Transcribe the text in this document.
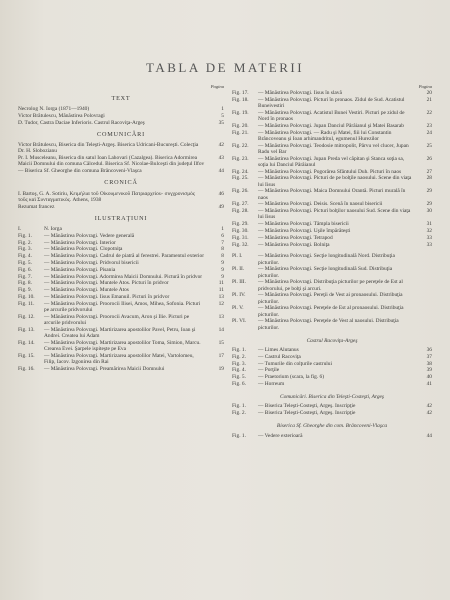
TABLA DE MATERII
Pagina
TEXT
Necrolog N. Iorga (1871—1940)	1
Victor Brătulescu, Mănăstirea Polovragi	5
D. Tudor, Castra Daciae Inferioris. Castrul Racoviţa-Argeş	35
COMUNICĂRI
Victor Brătulescu, Biserica din Teleşti-Argeş. Biserica Udricani-Bucureşti. Colecţia Dr. H. Slobozianu
42
Pr. I. Musceleanu, Biserica din satul Ioan Lahovari (Cazalgea). Biserica Adormirea Maicii Domnului din comuna Câlcedul. Biserica Sf. Nicolae-Bulceşti din judeţul Ilfov
43
— Biserica Sf. Gheorghe din comuna Brâncoveni-Vlaşca	44
CRONICĂ
I. Bartoş, G. A. Sotiriu, Κειμήλια τοῦ Οἰκουμενικοῦ Πατριαρχείου· συγχρονισμὸς τοῦς καὶ Συνταγματικὸς. Athens, 1938
46
Rezumat francez	49
ILUSTRAŢIUNI
I.	N. Iorga	1
Fig. 1.	— Mănăstirea Polovragi. Vedere generală	6
Fig. 2.	— Mănăstirea Polovragi. Interior	7
Fig. 3.	— Mănăstirea Polovragi. Clopotniţa	8
Fig. 4.	— Mănăstirea Polovragi. Cadrul de piatră al ferestrei. Paramentul exterior	8
Fig. 5.	— Mănăstirea Polovragi. Pridvorul bisericii	9
Fig. 6.	— Mănăstirea Polovragi. Pisania	9
Fig. 7.	— Mănăstirea Polovragi. Adormirea Maicii Domnului. Pictură în pridvor	9
Fig. 8.	— Mănăstirea Polovragi. Muntele Atos. Picturi în pridvor	11
Fig. 9.	— Mănăstirea Polovragi. Muntele Atos	11
Fig. 10.	— Mănăstirea Polovragi. Iisus Emanuil. Picturi în pridvor	13
Fig. 11.	— Mănăstirea Polovragi. Proorocii Ilisei, Amos, Mihea, Sofonia. Picturi pe arcurile pridvorului
12
Fig. 12.	— Mănăstirea Polovragi. Proorocii Avacum, Aron şi Ilie. Picturi pe arcurile pridvorului
13
Fig. 13.	— Mănăstirea Polovragi. Martirizarea apostolilor Pavel, Petru, Ioan şi Andrei. Createa lui Adam
14
Fig. 14.	— Mănăstirea Polovragi. Martirizarea apostolilor Toma, Simion, Marcu. Crearea Evei. Şarpele ispiteşte pe Eva
15
Fig. 15.	— Mănăstirea Polovragi. Martirizarea apostolilor Matei, Vartolomeu, Filip, Iacov. Izgonirea din Rai
17
Fig. 16.	— Mănăstirea Polovragi. Preamărirea Maicii Domnului	19
Pagina
Fig. 17.	— Mănăstirea Polovragi. Iisus în slavă	20
Fig. 18.	— Mănăstirea Polovragi. Picturi în pronaos. Zidul de Sud. Acatistul Buneivestiri
21
Fig. 19.	— Mănăstirea Polovragi. Acatistul Bunei Vestiri. Picturi pe zidul de Nord în pronaos
22
Fig. 20.	— Mănăstirea Polovragi. Jupan Danciul Pârâianul şi Matei Basarab	23
Fig. 21.	— Mănăstirea Polovragi. — Radu şi Matei, fiii lui Constantin Brâncoveanu şi Ioan arhimandritul, egumenul Hurezilor
24
Fig. 22.	— Mănăstirea Polovragi. Teodosie mitropolit, Pârvu vel clucer, Jupan Radu vel Bar
25
Fig. 23.	— Mănăstirea Polovragi. Jupan Preda vel căpitan şi Stanca soţia sa, soţia lui Danciul Pârâianul
26
Fig. 24.	— Mănăstirea Polovragi. Pogorârea Sfântului Duh. Picturi în naos	27
Fig. 25.	— Mănăstirea Polovragi. Picturi de pe bolţile naosului. Scene din viaţa lui Iisus
28
Fig. 26.	— Mănăstirea Polovragi. Maica Domnului Orantă. Picturi murală în naos
29
Fig. 27.	— Mănăstirea Polovragi. Deisis. Scenă în naosul bisericii	29
Fig. 28.	— Mănăstirea Polovragi. Picturi bolţilor naosului Sud. Scene din viaţa lui Iisus
30
Fig. 29.	— Mănăstirea Polovragi. Tâmpla bisericii	31
Fig. 30.	— Mănăstirea Polovragi. Uşile împărăteşti	32
Fig. 31.	— Mănăstirea Polovragi. Tetrapod	33
Fig. 32.	— Mănăstirea Polovragi. Bolniţa	33
Pl. I.	— Mănăstirea Polovragi. Secţie longitudinală Nord. Distribuţia picturilor.
Pl. II.	— Mănăstirea Polovragi. Secţie longitudinală Sud. Distribuţia picturilor.
Pl. III.	— Mănăstirea Polovragi. Distribuţia picturilor pe pereţele de Est al pridvorului, pe bolţi şi arcuri.
Pl. IV.	— Mănăstirea Polovragi. Pereţii de Vest ai pronaosului. Distribuţia picturilor.
Pl. V.	— Mănăstirea Polovragi. Pereţele de Est al pronaosului. Distribuţia picturilor.
Pl. VI.	— Mănăstirea Polovragi. Pereţele de Vest al naosului. Distribuţia picturilor.
Castrul Racoviţa-Argeş
Fig. 1.	— Limes Alutanus	36
Fig. 2.	— Castrul Racoviţa	37
Fig. 3.	— Tumurile din colţurile castrului	38
Fig. 4.	— Porţile	39
Fig. 5.	— Praetorium (scara, la fig. 6)	40
Fig. 6.	— Horreum	41
Comunicări. Biserica din Teleşti-Costeşti, Argeş
Fig. 1.	— Biserica Teleşti-Costeşti, Argeş. Inscripţie	42
Fig. 2.	— Biserica Teleşti-Costeşti, Argeş. Inscripţie	42
Biserica Sf. Gheorghe din com. Brâncoveni-Vlaşca
Fig. 1.	— Vedere exterioară	44
